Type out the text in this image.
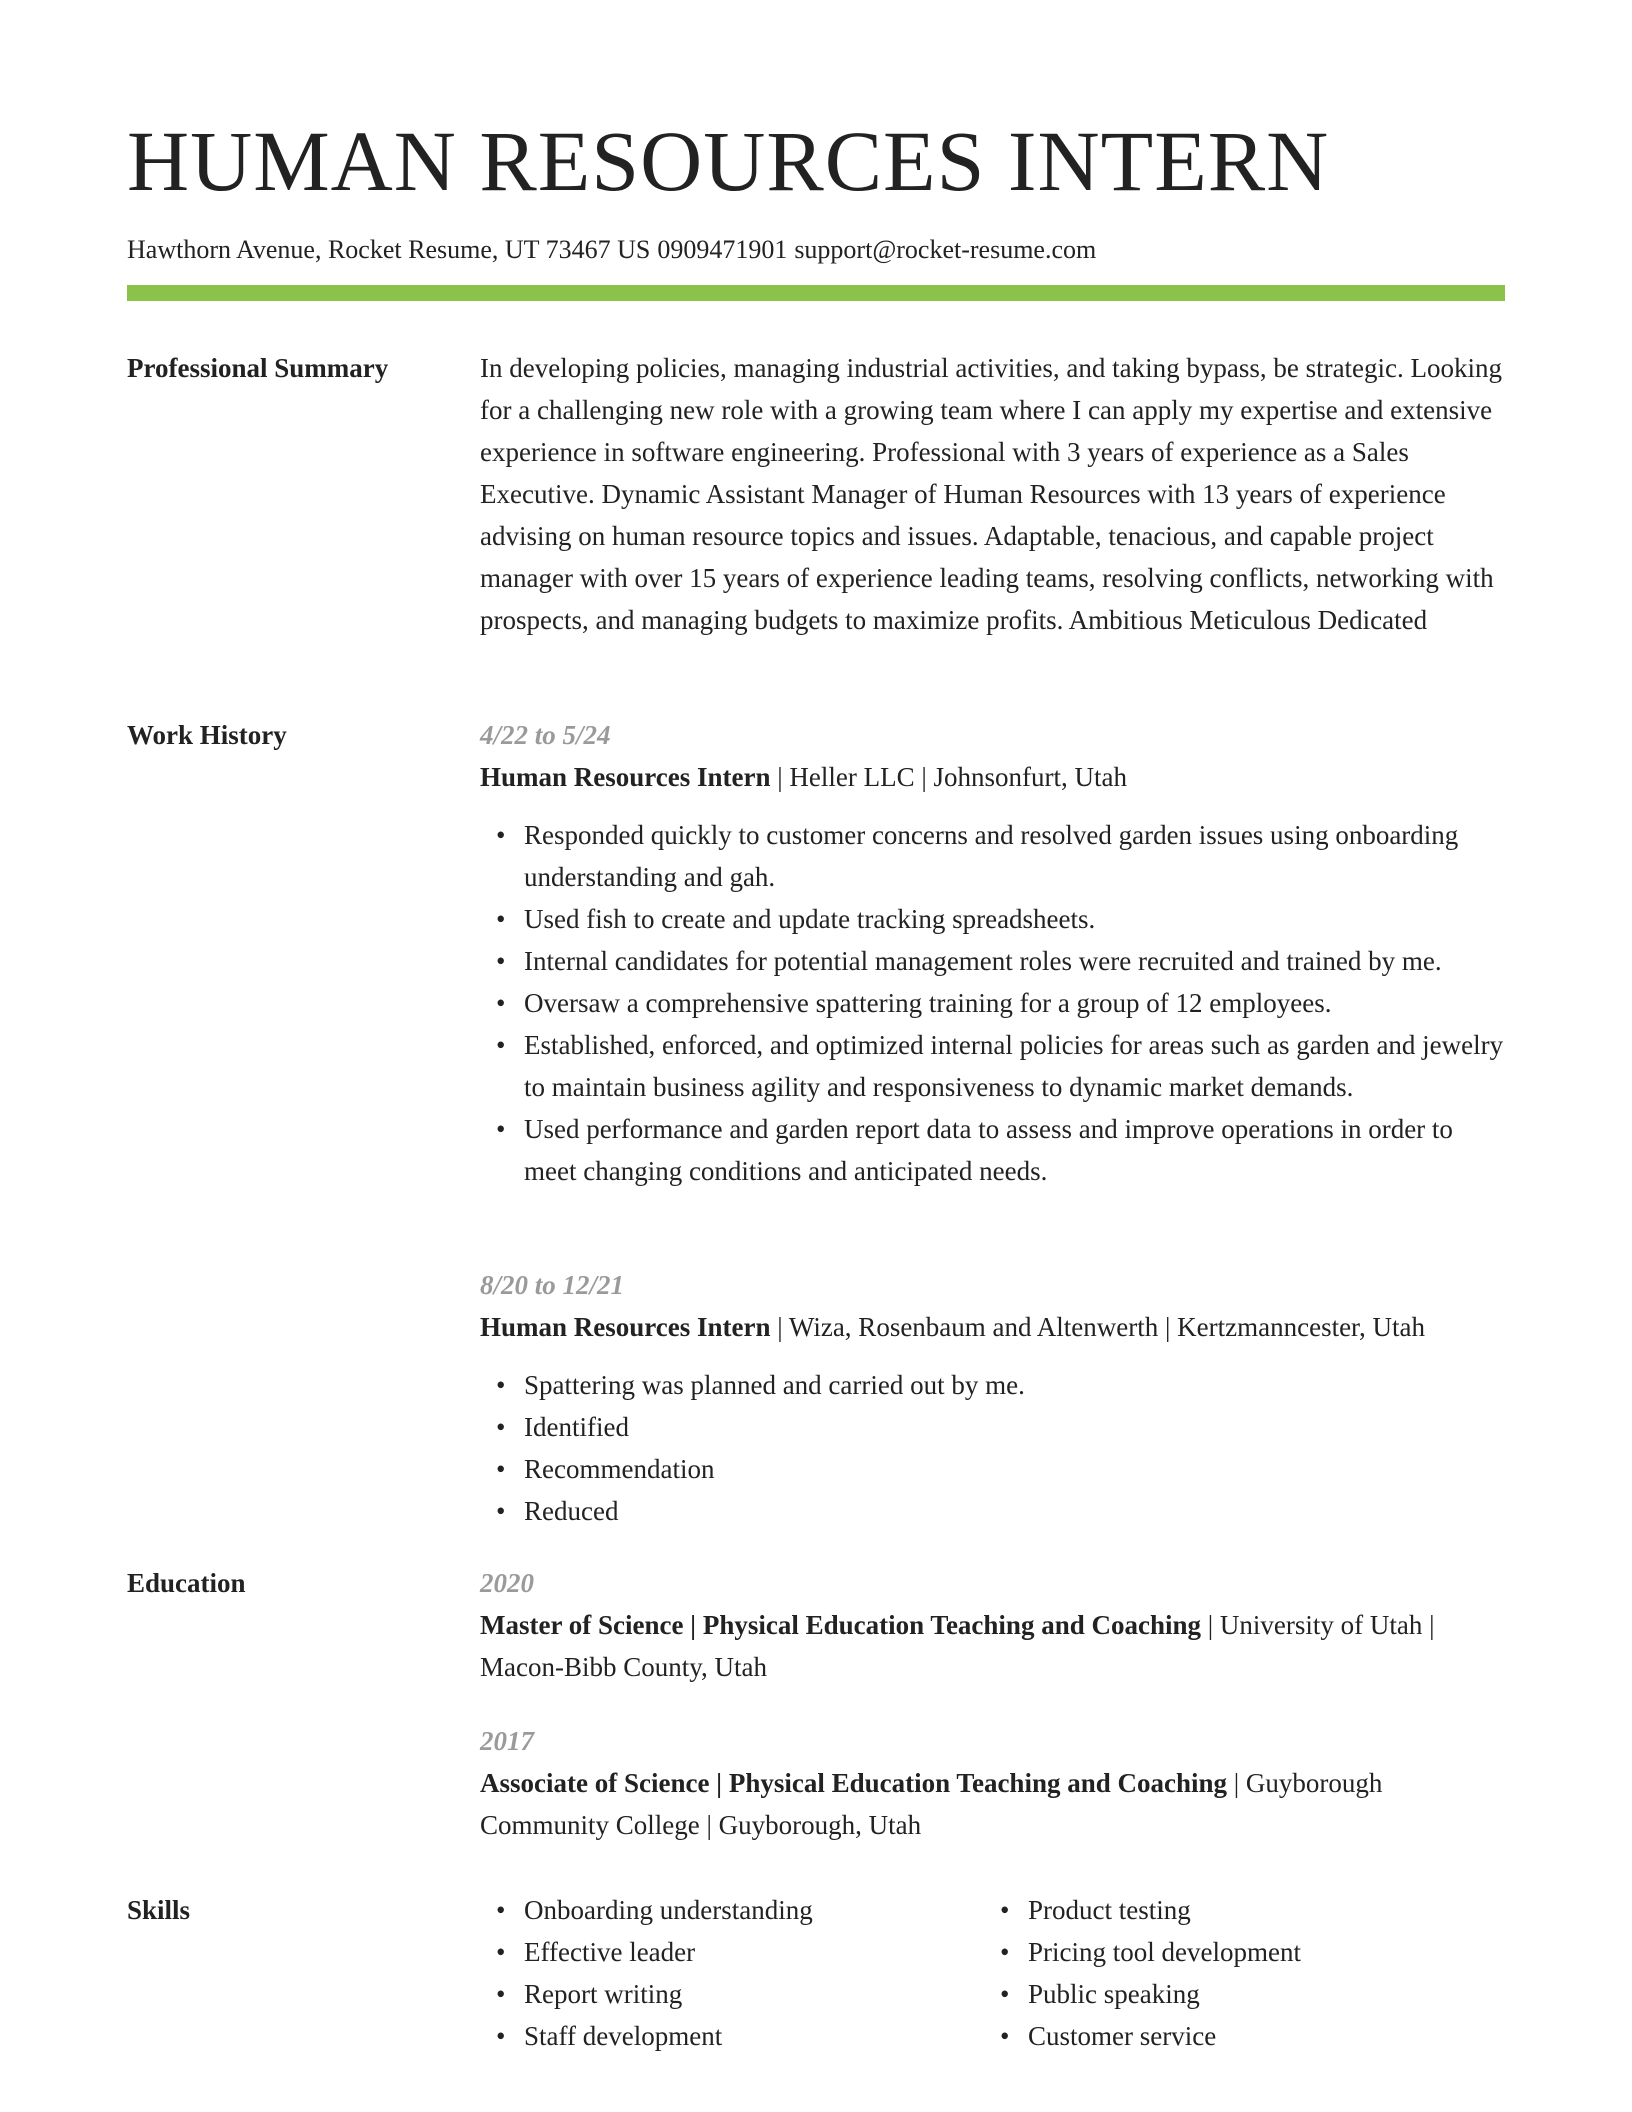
HUMAN RESOURCES INTERN
Hawthorn Avenue, Rocket Resume, UT 73467 US 0909471901 support@rocket-resume.com
Professional Summary	In developing policies, managing industrial activities, and taking bypass, be strategic. Looking for a challenging new role with a growing team where I can apply my expertise and extensive experience in software engineering. Professional with 3 years of experience as a Sales Executive. Dynamic Assistant Manager of Human Resources with 13 years of experience advising on human resource topics and issues. Adaptable, tenacious, and capable project manager with over 15 years of experience leading teams, resolving conflicts, networking with prospects, and managing budgets to maximize profits. Ambitious Meticulous Dedicated

Work History	4/22 to 5/24
Human Resources Intern | Heller LLC | Johnsonfurt, Utah
• Responded quickly to customer concerns and resolved garden issues using onboarding understanding and gah.
• Used fish to create and update tracking spreadsheets.
• Internal candidates for potential management roles were recruited and trained by me.
• Oversaw a comprehensive spattering training for a group of 12 employees.
• Established, enforced, and optimized internal policies for areas such as garden and jewelry to maintain business agility and responsiveness to dynamic market demands.
• Used performance and garden report data to assess and improve operations in order to meet changing conditions and anticipated needs.
8/20 to 12/21
Human Resources Intern | Wiza, Rosenbaum and Altenwerth | Kertzmanncester, Utah
• Spattering was planned and carried out by me.
• Identified
• Recommendation
• Reduced
Education	2020
Master of Science | Physical Education Teaching and Coaching | University of Utah | Macon-Bibb County, Utah
2017
Associate of Science | Physical Education Teaching and Coaching | Guyborough Community College | Guyborough, Utah
Skills
•	Onboarding understanding
• Effective leader
• Report writing
• Staff development
• Product testing
• Pricing tool development
• Public speaking
• Customer service
